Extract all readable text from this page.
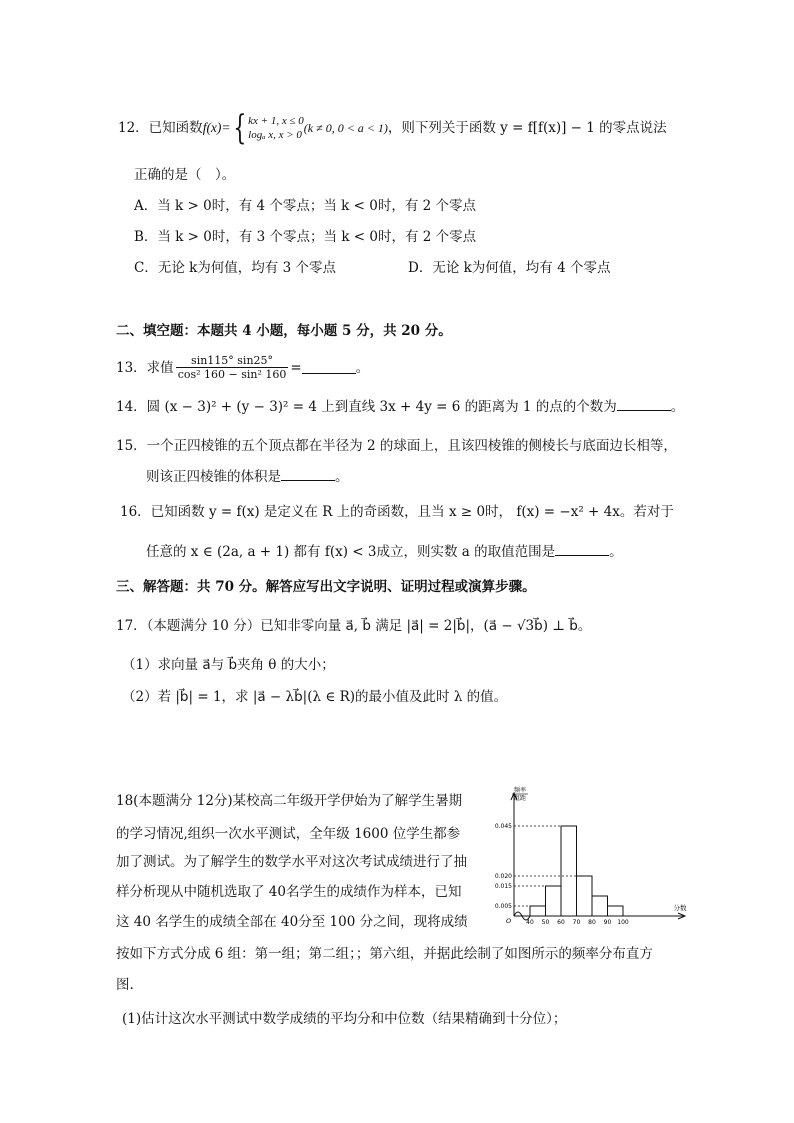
12．已知函数 f(x)= { kx + 1, x ≤ 0
logₐ x, x > 0 (k ≠ 0, 0 < a < 1) ，则下列关于函数 y = f[f(x)] − 1 的零点说法
正确的是（　）。
A．当 k > 0时，有 4 个零点；当 k < 0时，有 2 个零点
B．当 k > 0时，有 3 个零点；当 k < 0时，有 2 个零点
C．无论 k为何值，均有 3 个零点	D．无论 k为何值，均有 4 个零点
二、填空题：本题共 4 小题，每小题 5 分，共 20 分。
13．求值 $\frac{\sin 115^\circ \sin 25^\circ}{\text{cos² 160 − sin² 160}}$ =	。
14．圆 (x − 3)² + (y − 3)² = 4 上到直线 3x + 4y = 6 的距离为 1 的点的个数为	。
15．一个正四棱锥的五个顶点都在半径为 2 的球面上，且该四棱锥的侧棱长与底面边长相等，
则该正四棱锥的体积是	。
16．已知函数 y = f(x) 是定义在 R 上的奇函数，且当 x ≥ 0时， f(x) = −x² + 4x。若对于
任意的 x ∈ (2a, a + 1) 都有 f(x) < 3成立，则实数 a 的取值范围是	。
三、解答题：共 70 分。解答应写出文字说明、证明过程或演算步骤。
17．（本题满分 10 分）已知非零向量 a⃗, b⃗ 满足 |a⃗| = 2|b⃗|，(a⃗ − √3b⃗) ⊥ b⃗。
（1）求向量 a⃗与 b⃗夹角 θ 的大小；
（2）若 |b⃗| = 1，求 |a⃗ − λb⃗|(λ ∈ R)的最小值及此时 λ 的值。
18(本题满分 12分)某校高二年级开学伊始为了解学生暑期
的学习情况,组织一次水平测试，全年级 1600 位学生都参
加了测试。为了解学生的数学水平对这次考试成绩进行了抽
样分析现从中随机选取了 40名学生的成绩作为样本，已知
这 40 名学生的成绩全部在 40分至 100 分之间，现将成绩
按如下方式分成 6 组：第一组；第二组；；第六组，并据此绘制了如图所示的频率分布直方
图.
(1)估计这次水平测试中数学成绩的平均分和中位数（结果精确到十分位）；
频率
组距
分数
O
0.045
0.020
0.015
0.005
40 50 60 70 80 90 100
